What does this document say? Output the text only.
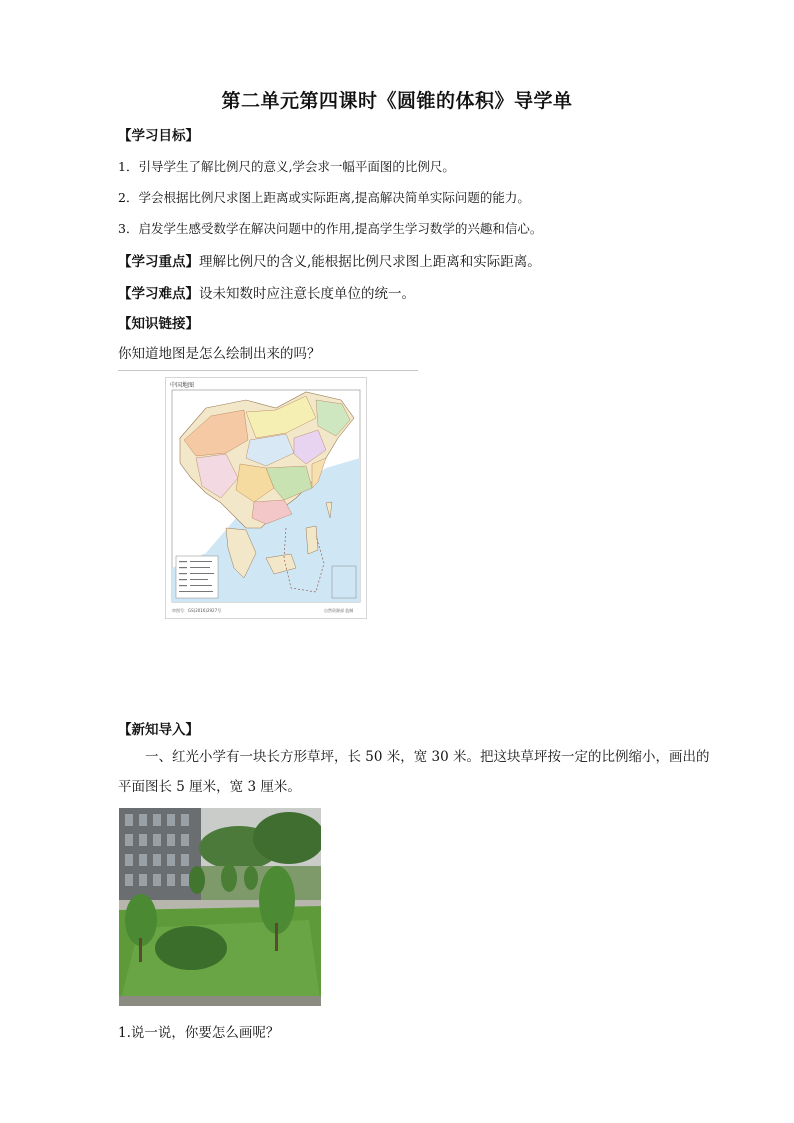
第二单元第四课时《圆锥的体积》导学单
【学习目标】
1．引导学生了解比例尺的意义,学会求一幅平面图的比例尺。
2．学会根据比例尺求图上距离或实际距离,提高解决简单实际问题的能力。
3．启发学生感受数学在解决问题中的作用,提高学生学习数学的兴趣和信心。
【学习重点】理解比例尺的含义,能根据比例尺求图上距离和实际距离。
【学习难点】设未知数时应注意长度单位的统一。
【知识链接】
你知道地图是怎么绘制出来的吗？
中国地图
审图号：GS(2016)2927号	自然资源部 监制
【新知导入】
一、红光小学有一块长方形草坪，长 50 米，宽 30 米。把这块草坪按一定的比例缩小，画出的平面图长 5 厘米，宽 3 厘米。
1.说一说，你要怎么画呢？
